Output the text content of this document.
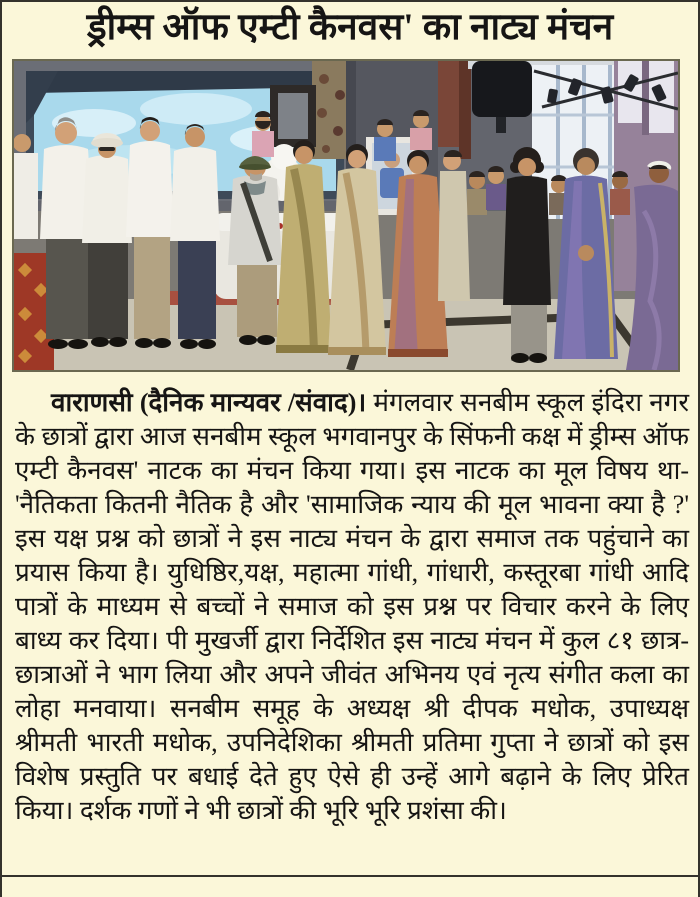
ड्रीम्स ऑफ एम्टी कैनवस' का नाट्य मंचन

वाराणसी (दैनिक मान्यवर /संवाद)। मंगलवार सनबीम स्कूल इंदिरा नगर के छात्रों द्वारा आज सनबीम स्कूल भगवानपुर के सिंफनी कक्ष में ड्रीम्स ऑफ एम्टी कैनवस' नाटक का मंचन किया गया। इस नाटक का मूल विषय था- 'नैतिकता कितनी नैतिक है और 'सामाजिक न्याय की मूल भावना क्या है ?' इस यक्ष प्रश्न को छात्रों ने इस नाट्य मंचन के द्वारा समाज तक पहुंचाने का प्रयास किया है। युधिष्ठिर,यक्ष, महात्मा गांधी, गांधारी, कस्तूरबा गांधी आदि पात्रों के माध्यम से बच्चों ने समाज को इस प्रश्न पर विचार करने के लिए बाध्य कर दिया। पी मुखर्जी द्वारा निर्देशित इस नाट्य मंचन में कुल ८१ छात्र- छात्राओं ने भाग लिया और अपने जीवंत अभिनय एवं नृत्य संगीत कला का लोहा मनवाया। सनबीम समूह के अध्यक्ष श्री दीपक मधोक, उपाध्यक्ष श्रीमती भारती मधोक, उपनिदेशिका श्रीमती प्रतिमा गुप्ता ने छात्रों को इस विशेष प्रस्तुति पर बधाई देते हुए ऐसे ही उन्हें आगे बढ़ाने के लिए प्रेरित किया। दर्शक गणों ने भी छात्रों की भूरि भूरि प्रशंसा की।
